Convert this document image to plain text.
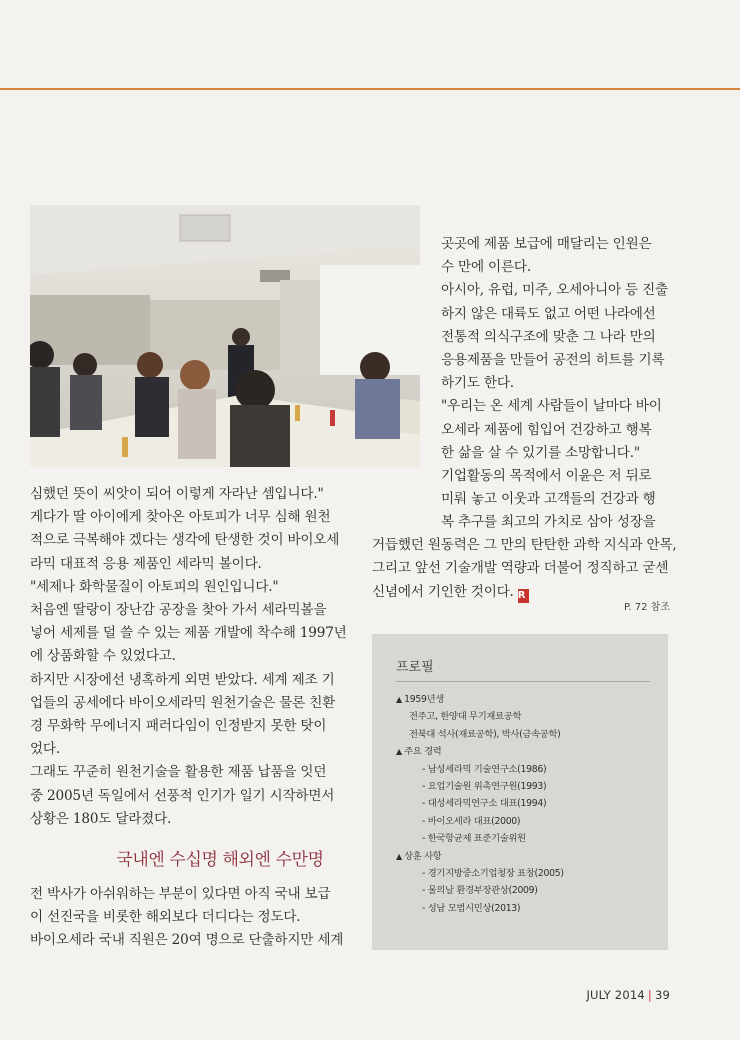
심했던 뜻이 씨앗이 되어 이렇게 자라난 셈입니다."

게다가 딸 아이에게 찾아온 아토피가 너무 심해 원천

적으로 극복해야 겠다는 생각에 탄생한 것이 바이오세

라믹 대표적 응용 제품인 세라믹 볼이다.

"세제나 화학물질이 아토피의 원인입니다."

처음엔 딸랑이 장난감 공장을 찾아 가서 세라믹볼을

넣어 세제를 덜 쓸 수 있는 제품 개발에 착수해 1997년

에 상품화할 수 있었다고.

하지만 시장에선 냉혹하게 외면 받았다. 세계 제조 기

업들의 공세에다 바이오세라믹 원천기술은 물론 친환

경 무화학 무에너지 패러다임이 인정받지 못한 탓이

었다.

그래도 꾸준히 원천기술을 활용한 제품 납품을 잇던

중 2005년 독일에서 선풍적 인기가 일기 시작하면서

상황은 180도 달라졌다.

국내엔 수십명 해외엔 수만명

전 박사가 아쉬워하는 부분이 있다면 아직 국내 보급

이 선진국을 비롯한 해외보다 더디다는 정도다.

바이오세라 국내 직원은 20여 명으로 단출하지만 세계

곳곳에 제품 보급에 매달리는 인원은

수 만에 이른다.

아시아, 유럽, 미주, 오세아니아 등 진출

하지 않은 대륙도 없고 어떤 나라에선

전통적 의식구조에 맞춘 그 나라 만의

응용제품을 만들어 공전의 히트를 기록

하기도 한다.

"우리는 온 세계 사람들이 날마다 바이

오세라 제품에 힘입어 건강하고 행복

한 삶을 살 수 있기를 소망합니다."

기업활동의 목적에서 이윤은 저 뒤로

미뤄 놓고 이웃과 고객들의 건강과 행

복 추구를 최고의 가치로 삼아 성장을

거듭했던 원동력은 그 만의 탄탄한 과학 지식과 안목,

그리고 앞선 기술개발 역량과 더불어 정직하고 굳센

신념에서 기인한 것이다. R

P. 72 참조
프로필
▲ 1959년생
전주고, 한양대 무기재료공학
전북대 석사(재료공학), 박사(금속공학)
▲ 주요 경력
- 남성세라믹 기술연구소(1986)
- 요업기술원 위촉연구원(1993)
- 대성세라믹연구소 대표(1994)
- 바이오세라 대표(2000)
- 한국항균제 표준기술위원
▲ 상훈 사항
- 경기지방중소기업청장 표창(2005)
- 물의날 환경부장관상(2009)
- 성남 모범시민상(2013)
JULY 2014 | 39
